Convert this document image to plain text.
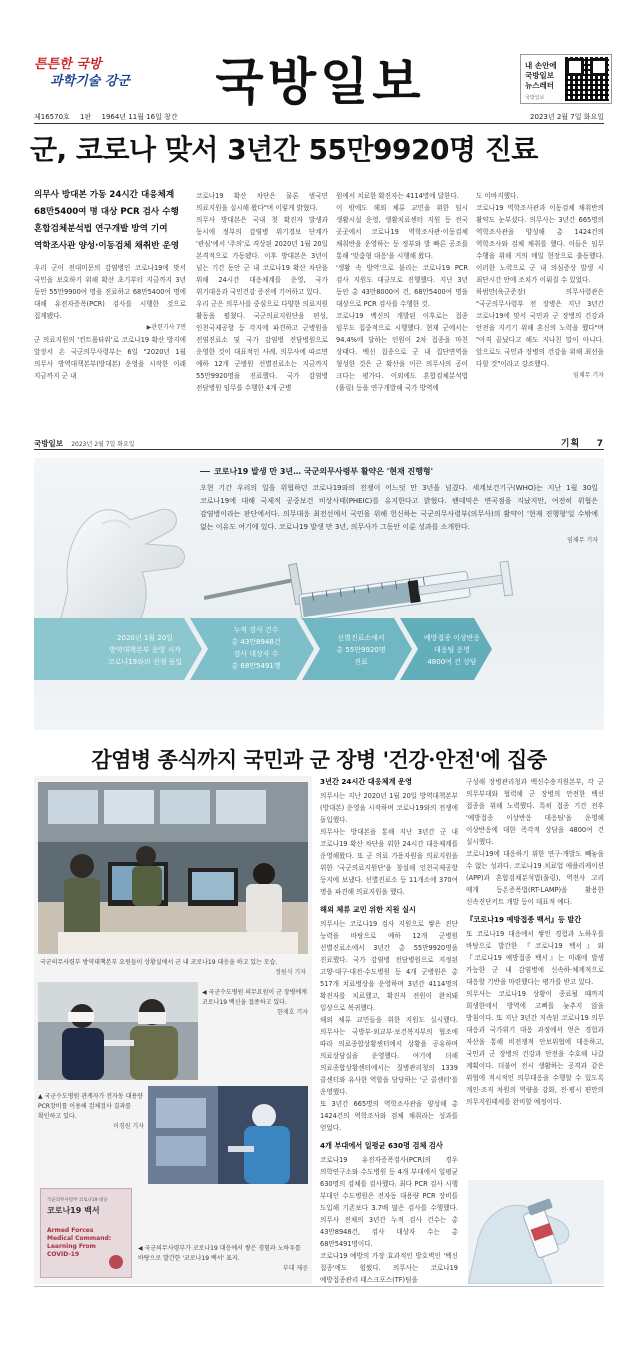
튼튼한 국방
과학기술 강군	국방일보	내 손안에
국방일보
뉴스레터
국방일보
제16570호 1판 1964년 11월 16일 창간	2023년 2월 7일 화요일
군, 코로나 맞서 3년간 55만9920명 진료
의무사 방대본 가동 24시간 대응체계
68만5400여 명 대상 PCR 검사 수행
혼합검체분석법 연구개발 방역 기여
역학조사관 양성·이동검체 채취반 운영

우리 군이 전대미문의 감염병인 코로나19에 맞서 국민을 보호하기 위해 확산 초기부터 지금까지 3년 동안 55만9900여 명을 진료하고 68만5400여 명에 대해 유전자증폭(PCR) 검사를 시행한 것으로 집계됐다.

▶관련기사 7면

군 의료지원의 '컨트롤타워'로 코로나19 확산 방지에 앞장서 온 국군의무사령부는 6일 "2020년 1월 의무사 방역대책본부(방대본) 운영을 시작한 이래 지금까지 군 내

코로나19 확산 차단은 물론 범국민 의료지원을 실시해 왔다"며 이렇게 밝혔다.

의무사 방대본은 국내 첫 확진자 발생과 동시에 정부의 감염병 위기경보 단계가 '관심'에서 '주의'로 격상된 2020년 1월 20일 본격적으로 가동됐다. 이후 방대본은 3년이 넘는 기간 동안 군 내 코로나19 확산 차단을 위해 24시간 대응체계를 운영, 국가 위기대응과 국민건강 증진에 기여하고 있다.

우리 군은 의무사를 중심으로 다양한 의료지원 활동을 펼쳤다. 국군의료지원단을 편성, 인천국제공항 등 각지에 파견하고 군병원을 전염진료소 및 국가 감염병 전담병원으로 운영한 것이 대표적인 사례. 의무사에 따르면 예하 12개 군병원 선별진료소는 지금까지 55만9920명을 진료했다. 국가 감염병 전담병원 임무를 수행한 4개 군병

원에서 치료한 확진자는 4114명에 달한다.

이 밖에도 해외 체류 교민을 위한 임시 생활시설 운영, 생활치료센터 지원 등 전국 곳곳에서 코로나19 역학조사관·이동검체 채취반을 운영하는 등 정부와 발 빠른 공조를 통해 '맞춤형 대응'을 시행해 왔다.

'생활 속 방역'으로 불리는 코로나19 PCR 검사 지원도 대규모로 진행했다. 지난 3년 동안 총 43만8000여 건, 68만5400여 명을 대상으로 PCR 검사를 수행한 것.

코로나19 백신의 개발된 이후로는 접종 임무도 집중적으로 시행했다. 현재 군에서는 94.4%에 달하는 인원이 2차 접종을 마친 상태다. 백신 접종으로 군 내 집단면역을 형성한 것은 군 확산을 이끈 의무사의 공이 크다는 평가다. 이외에도 혼합검체분석법(풀링) 등을 연구개발해 국가 방역에

도 이바지했다.

코로나19 역학조사관과 이동검체 채취반의 활약도 눈부셨다. 의무사는 3년간 665명의 역학조사관을 양성해 총 1424건의 역학조사와 검체 채취를 했다. 이들은 임무 수행을 위해 거의 매일 현장으로 출동했다. 이러한 노력으로 군 내 의심증상 발생 시 최단시간 안에 조치가 이뤄질 수 있었다.

하범만(육군준장) 의무사령관은 "국군의무사령부 전 장병은 지난 3년간 코로나19에 맞서 국민과 군 장병의 건강과 안전을 지키기 위해 혼신의 노력을 했다"며 "아직 끝났다고 해도 지나친 말이 아니다. 앞으로도 국민과 장병의 건강을 위해 최선을 다할 것"이라고 강조했다.

임채무 기자

국방일보 2023년 2월 7일 화요일	기획 7
코로나19 발생 만 3년… 국군의무사령부 활약은 '현재 진행형'
오현 기간 우리의 일을 위협하던 코로나19와의 전쟁이 어느덧 만 3년을 넘겼다. 세계보건기구(WHO)는 지난 1월 30일 코로나19에 대해 국제적 공중보건 비상사태(PHEIC)를 유지한다고 밝혔다. 팬데믹은 변곡점을 지났지만, 여전히 위협은 감염병이라는 판단에서다. 의무대응 최전선에서 국민을 위해 헌신하는 국군의무사령부(의무사)의 활약이 '현재 진행형'일 수밖에 없는 이유도 여기에 있다. 코로나19 발생 만 3년, 의무사가 그동안 이룬 성과를 소개한다.
임채무 기자
2020년 1월 20일
방역대책본부 운영 시작
코로나19와의 전쟁 돌입
누적 검사 건수
총 43만8948건
검사 대상자 수
총 68만5491명
선별진료소에서
총 55만9920명
진료
예방접종 이상반응
대응팀 운영
4800여 건 상담
감염병 종식까지 국민과 군 장병 '건강·안전'에 집중
국군의무사령부 방역대책본부 요원들이 상황실에서 군 내 코로나19 대응을 하고 있는 모습.
정원식 기자
◀ 국군수도병원 의무요원이 군 장병에게 코로나19 백신을 접종하고 있다.
한재호 기자
▲ 국군수도병원 관계자가 전자동 대용량 PCR장비를 이용해 검체검사 결과를 확인하고 있다.
이경원 기자
국군의무사령부 코로나19 대응
코로나19 백서
Armed Forces Medical Command: Learning From COVID-19
◀ 국군의무사령부가 코로나19 대응에서 쌓은 경험과 노하우를 바탕으로 발간한 '코로나19 백서' 표지.
부대 제공
3년간 24시간 대응체계 운영

의무사는 지난 2020년 1월 20일 방역대책본부(방대본) 운영을 시작하며 코로나19와의 전쟁에 돌입했다.

의무사는 방대본을 통해 지난 3년간 군 내 코로나19 확산 차단을 위한 24시간 대응체계를 운영해왔다. 또 군 의료 가용자원을 의료지원을 위한 '국군의료지원단'을 창설해 인천국제공항 등지에 보냈다. 선별진료소 등 11개소에 370여 명을 파견해 의료지원을 했다.

해외 체류 교민 위한 지원 실시

의무사는 코로나19 검사 지원으로 쌓은 진단 능력을 바탕으로 예하 12개 군병원 선별진료소에서 3년간 총 55만9920명을 진료했다. 국가 감염병 전담병원으로 지정된 고양·대구·대전·수도병원 등 4개 군병원은 총 517개 치료병상을 운영하며 3년간 4114명의 확진자를 치료했고, 확진자 전원이 완치돼 일상으로 복귀했다.

해외 체류 교민들을 위한 지원도 실시했다. 의무사는 국방부·외교부·보건복지부의 협조에 따라 의료종합상황센터에서 상황을 공유하며 의료상담실을 운영했다. 여기에 더해 의료종합상황센터에서는 질병관리청의 1339 콜센터와 유사한 역할을 담당하는 '군 콜센터'를 운영했다.

또 3년간 665명의 역학조사관을 양성해 총 1424건의 역학조사와 검체 채취라는 성과를 얻었다.

4개 부대에서 일평균 630명 검체 검사

코로나19 유전자증폭검사(PCR)의 경우 의학연구소와 수도병원 등 4개 부대에서 일평균 630명의 검체를 검사했다. 최다 PCR 검사 시행 부대인 수도병원은 전자동 대용량 PCR 장비를 도입해 기존보다 3.7배 많은 검사를 수행했다. 의무사 전체의 3년간 누적 검사 건수는 총 43만8948건, 검사 대상자 수는 총 68만5491명이다.

코로나19 예방의 가장 효과적인 방호벽인 '백신 접종'에도 힘썼다. 의무사는 코로나19 예방접종관리 태스크포스(TF)팀을

구성해 장병관리청과 백신수송지원본부, 각 군 의무부대와 협력해 군 장병의 안전한 백신 접종을 위해 노력했다. 특히 접종 기간 전후 '예방접종 이상반응 대응팀'을 운영해 이상반응에 대한 즉각적 상담을 4800여 건 실시했다.

코로나19에 대응하기 위한 연구·개발도 빼놓을 수 없는 성과다. 코로나19 치료업 애플리케이션(APP)과 혼합검체분석법(풀링), 역전사 고리 매개 등온증폭법(RT-LAMP)을 활용한 신속진단키트 개발 등이 대표적 예다.

『코로나19 예방접종 백서』등 발간

또 코로나19 대응에서 쌓인 경험과 노하우를 바탕으로 발간한 『코로나19 백서』와 『코로나19 예방접종 백서』는 미래에 발생 가능한 군 내 감염병에 신속하·체계적으로 대응할 기반을 마련했다는 평가를 받고 있다.

의무사는 코로나19 상황이 종료될 때까지 희생한에서 방역에 고삐를 늦추지 않을 방침이다. 또 지난 3년간 지속된 코로나19 의무 대응과 국가위기 대응 과정에서 얻은 경험과 자산을 통해 비전쟁적 안보위협에 대응하고, 국민과 군 장병의 건강과 안전을 수호해 나갈 계획이다. 더불어 전시 생활하는 공격과 같은 위협에 적시적인 의무대응을 수행할 수 있도록 개인·조직 차원의 역량을 강화, 전·평시 편만의 의무지원태세를 완비할 예정이다.
